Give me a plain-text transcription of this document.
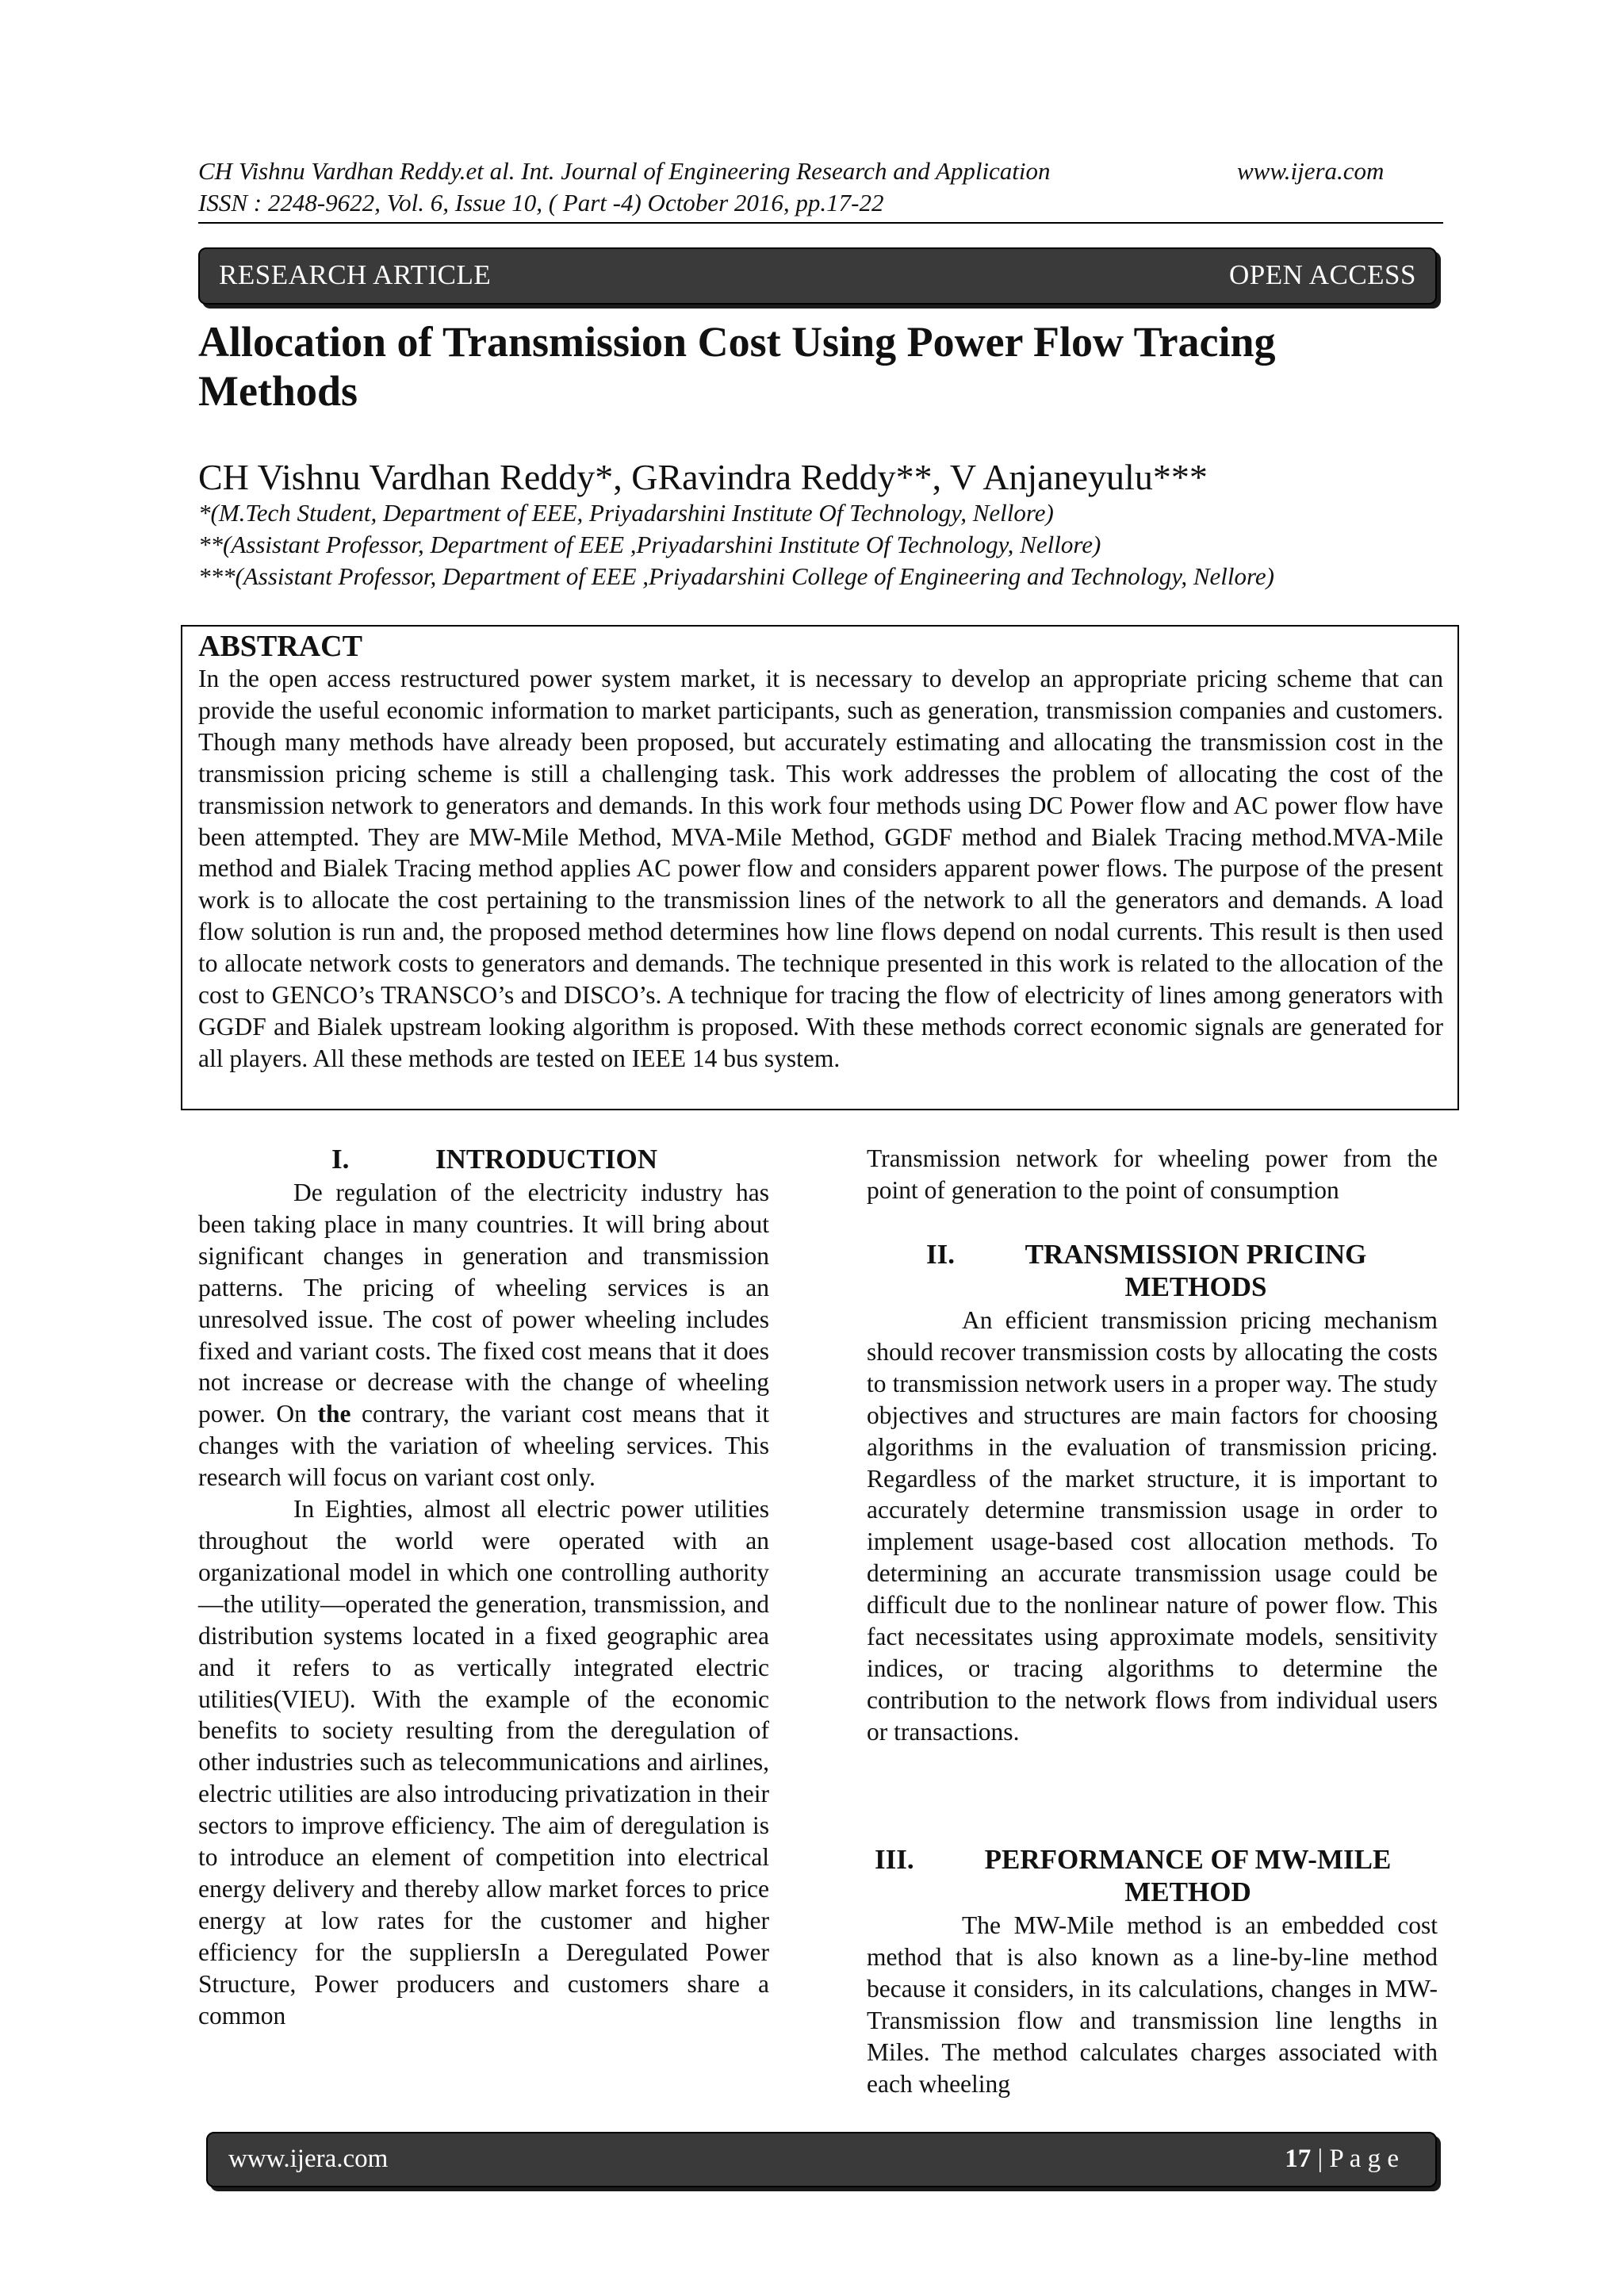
CH Vishnu Vardhan Reddy.et al. Int. Journal of Engineering Research and Application	www.ijera.com
ISSN : 2248-9622, Vol. 6, Issue 10, ( Part -4) October 2016, pp.17-22
RESEARCH ARTICLE	OPEN ACCESS
Allocation of Transmission Cost Using Power Flow Tracing Methods
CH Vishnu Vardhan Reddy*, GRavindra Reddy**, V Anjaneyulu***
*(M.Tech Student, Department of EEE, Priyadarshini Institute Of Technology, Nellore)
**(Assistant Professor, Department of EEE ,Priyadarshini Institute Of Technology, Nellore)
***(Assistant Professor, Department of EEE ,Priyadarshini College of Engineering and Technology, Nellore)
ABSTRACT
In the open access restructured power system market, it is necessary to develop an appropriate pricing scheme that can provide the useful economic information to market participants, such as generation, transmission companies and customers. Though many methods have already been proposed, but accurately estimating and allocating the transmission cost in the transmission pricing scheme is still a challenging task. This work addresses the problem of allocating the cost of the transmission network to generators and demands. In this work four methods using DC Power flow and AC power flow have been attempted. They are MW-Mile Method, MVA-Mile Method, GGDF method and Bialek Tracing method.MVA-Mile method and Bialek Tracing method applies AC power flow and considers apparent power flows. The purpose of the present work is to allocate the cost pertaining to the transmission lines of the network to all the generators and demands. A load flow solution is run and, the proposed method determines how line flows depend on nodal currents. This result is then used to allocate network costs to generators and demands. The technique presented in this work is related to the allocation of the cost to GENCO’s TRANSCO’s and DISCO’s. A technique for tracing the flow of electricity of lines among generators with GGDF and Bialek upstream looking algorithm is proposed. With these methods correct economic signals are generated for all players. All these methods are tested on IEEE 14 bus system.
I.	INTRODUCTION

De regulation of the electricity industry has been taking place in many countries. It will bring about significant changes in generation and transmission patterns. The pricing of wheeling services is an unresolved issue. The cost of power wheeling includes fixed and variant costs. The fixed cost means that it does not increase or decrease with the change of wheeling power. On the contrary, the variant cost means that it changes with the variation of wheeling services. This research will focus on variant cost only.

In Eighties, almost all electric power utilities throughout the world were operated with an organizational model in which one controlling authority—the utility—operated the generation, transmission, and distribution systems located in a fixed geographic area and it refers to as vertically integrated electric utilities(VIEU). With the example of the economic benefits to society resulting from the deregulation of other industries such as telecommunications and airlines, electric utilities are also introducing privatization in their sectors to improve efficiency. The aim of deregulation is to introduce an element of competition into electrical energy delivery and thereby allow market forces to price energy at low rates for the customer and higher efficiency for the suppliersIn a Deregulated Power Structure, Power producers and customers share a common

Transmission network for wheeling power from the point of generation to the point of consumption
II.	TRANSMISSION PRICING
METHODS

An efficient transmission pricing mechanism should recover transmission costs by allocating the costs to transmission network users in a proper way. The study objectives and structures are main factors for choosing algorithms in the evaluation of transmission pricing. Regardless of the market structure, it is important to accurately determine transmission usage in order to implement usage-based cost allocation methods. To determining an accurate transmission usage could be difficult due to the nonlinear nature of power flow. This fact necessitates using approximate models, sensitivity indices, or tracing algorithms to determine the contribution to the network flows from individual users or transactions.

III.	PERFORMANCE OF MW-MILE
METHOD

The MW-Mile method is an embedded cost method that is also known as a line-by-line method because it considers, in its calculations, changes in MW-Transmission flow and transmission line lengths in Miles. The method calculates charges associated with each wheeling

www.ijera.com	17 | P a g e
